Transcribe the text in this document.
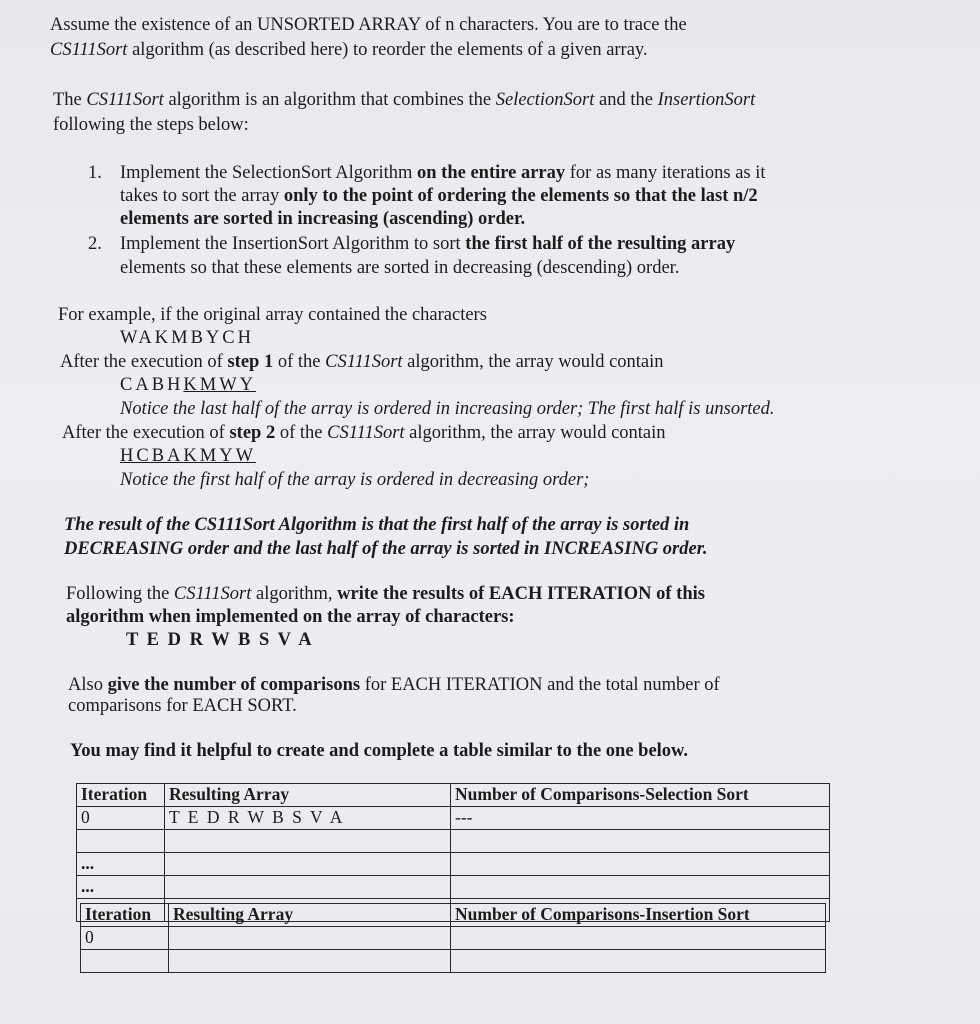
Assume the existence of an UNSORTED ARRAY of n characters. You are to trace the
CS111Sort algorithm (as described here) to reorder the elements of a given array.
The CS111Sort algorithm is an algorithm that combines the SelectionSort and the InsertionSort
following the steps below:
1. Implement the SelectionSort Algorithm on the entire array for as many iterations as it
takes to sort the array only to the point of ordering the elements so that the last n/2
elements are sorted in increasing (ascending) order.
2. Implement the InsertionSort Algorithm to sort the first half of the resulting array
elements so that these elements are sorted in decreasing (descending) order.
For example, if the original array contained the characters
WAKMBYCH
After the execution of step 1 of the CS111Sort algorithm, the array would contain
CABHKMWY
Notice the last half of the array is ordered in increasing order; The first half is unsorted.
After the execution of step 2 of the CS111Sort algorithm, the array would contain
HCBAKMYW
Notice the first half of the array is ordered in decreasing order;
The result of the CS111Sort Algorithm is that the first half of the array is sorted in
DECREASING order and the last half of the array is sorted in INCREASING order.
Following the CS111Sort algorithm, write the results of EACH ITERATION of this
algorithm when implemented on the array of characters:
T E D R W B S V A
Also give the number of comparisons for EACH ITERATION and the total number of
comparisons for EACH SORT.
You may find it helpful to create and complete a table similar to the one below.
Iteration	Resulting Array	Number of Comparisons-Selection Sort
0	T E D R W B S V A	---

...		
...		

Iteration	Resulting Array	Number of Comparisons-Insertion Sort
0		
